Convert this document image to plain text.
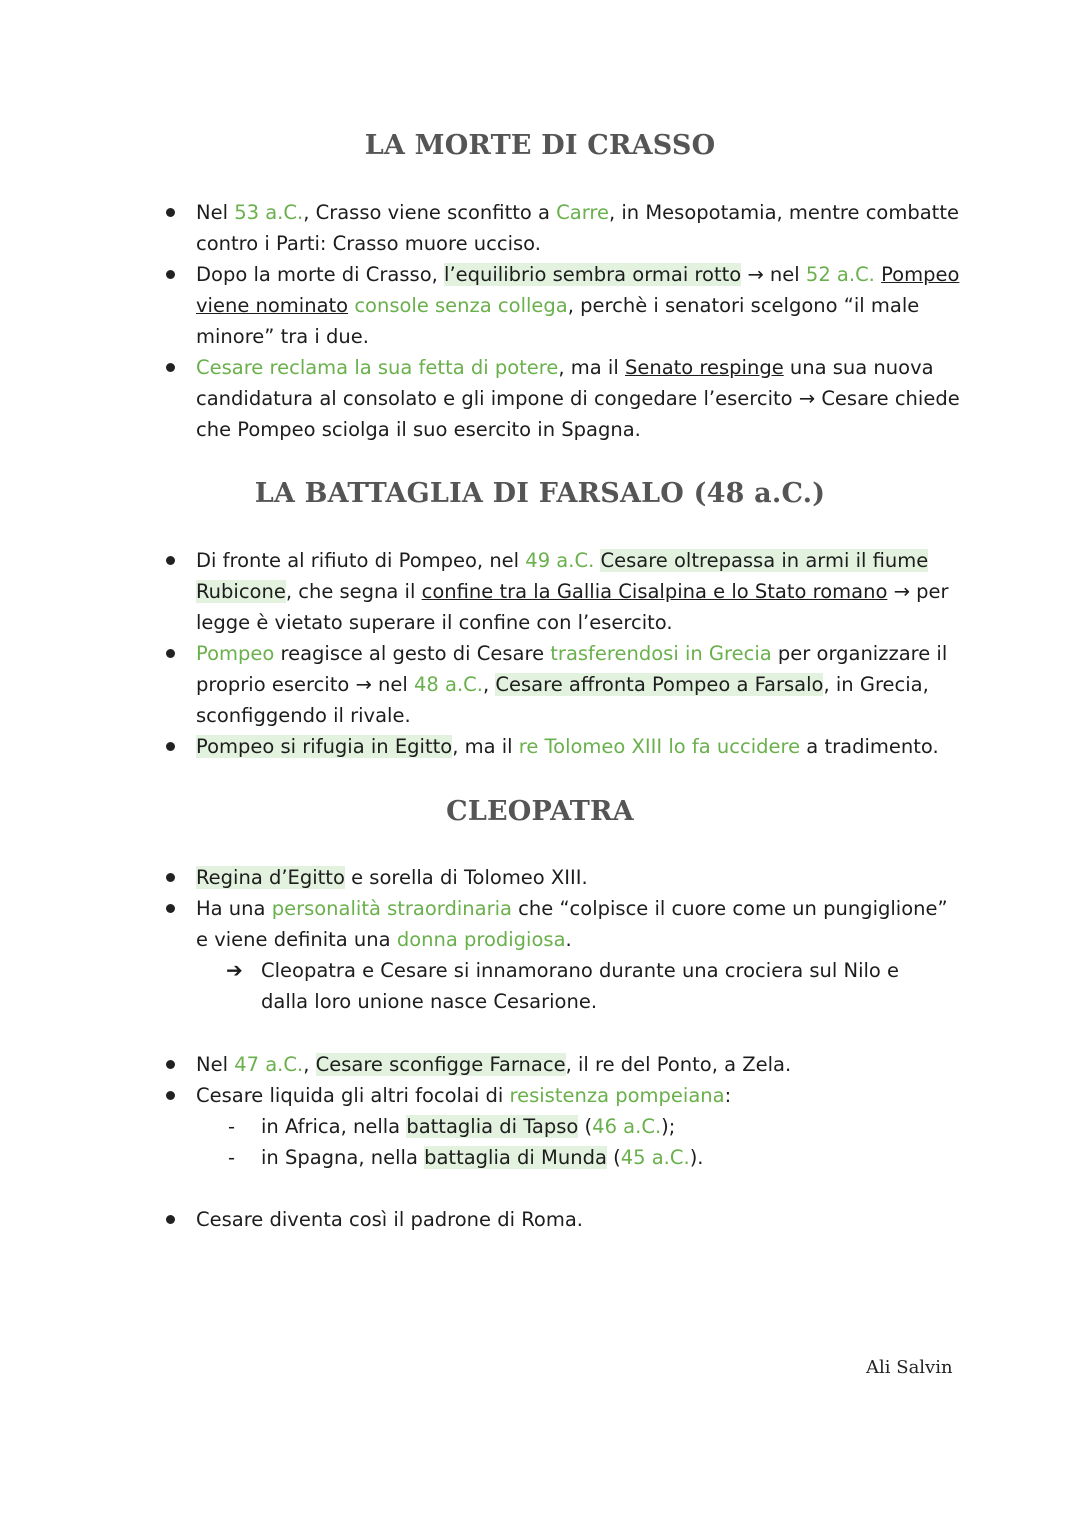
LA MORTE DI CRASSO
Nel 53 a.C., Crasso viene sconfitto a Carre, in Mesopotamia, mentre combatte contro i Parti: Crasso muore ucciso.
Dopo la morte di Crasso, l’equilibrio sembra ormai rotto → nel 52 a.C. Pompeo viene nominato console senza collega, perchè i senatori scelgono “il male minore” tra i due.
Cesare reclama la sua fetta di potere, ma il Senato respinge una sua nuova candidatura al consolato e gli impone di congedare l’esercito → Cesare chiede che Pompeo sciolga il suo esercito in Spagna.
LA BATTAGLIA DI FARSALO (48 a.C.)
Di fronte al rifiuto di Pompeo, nel 49 a.C. Cesare oltrepassa in armi il fiume Rubicone, che segna il confine tra la Gallia Cisalpina e lo Stato romano → per legge è vietato superare il confine con l’esercito.
Pompeo reagisce al gesto di Cesare trasferendosi in Grecia per organizzare il proprio esercito → nel 48 a.C., Cesare affronta Pompeo a Farsalo, in Grecia, sconfiggendo il rivale.
Pompeo si rifugia in Egitto, ma il re Tolomeo XIII lo fa uccidere a tradimento.
CLEOPATRA
Regina d’Egitto e sorella di Tolomeo XIII.
Ha una personalità straordinaria che “colpisce il cuore come un pungiglione” e viene definita una donna prodigiosa.
➔ Cleopatra e Cesare si innamorano durante una crociera sul Nilo e dalla loro unione nasce Cesarione.
Nel 47 a.C., Cesare sconfigge Farnace, il re del Ponto, a Zela.
Cesare liquida gli altri focolai di resistenza pompeiana:
- in Africa, nella battaglia di Tapso (46 a.C.);
- in Spagna, nella battaglia di Munda (45 a.C.).
Cesare diventa così il padrone di Roma.
Ali Salvin
